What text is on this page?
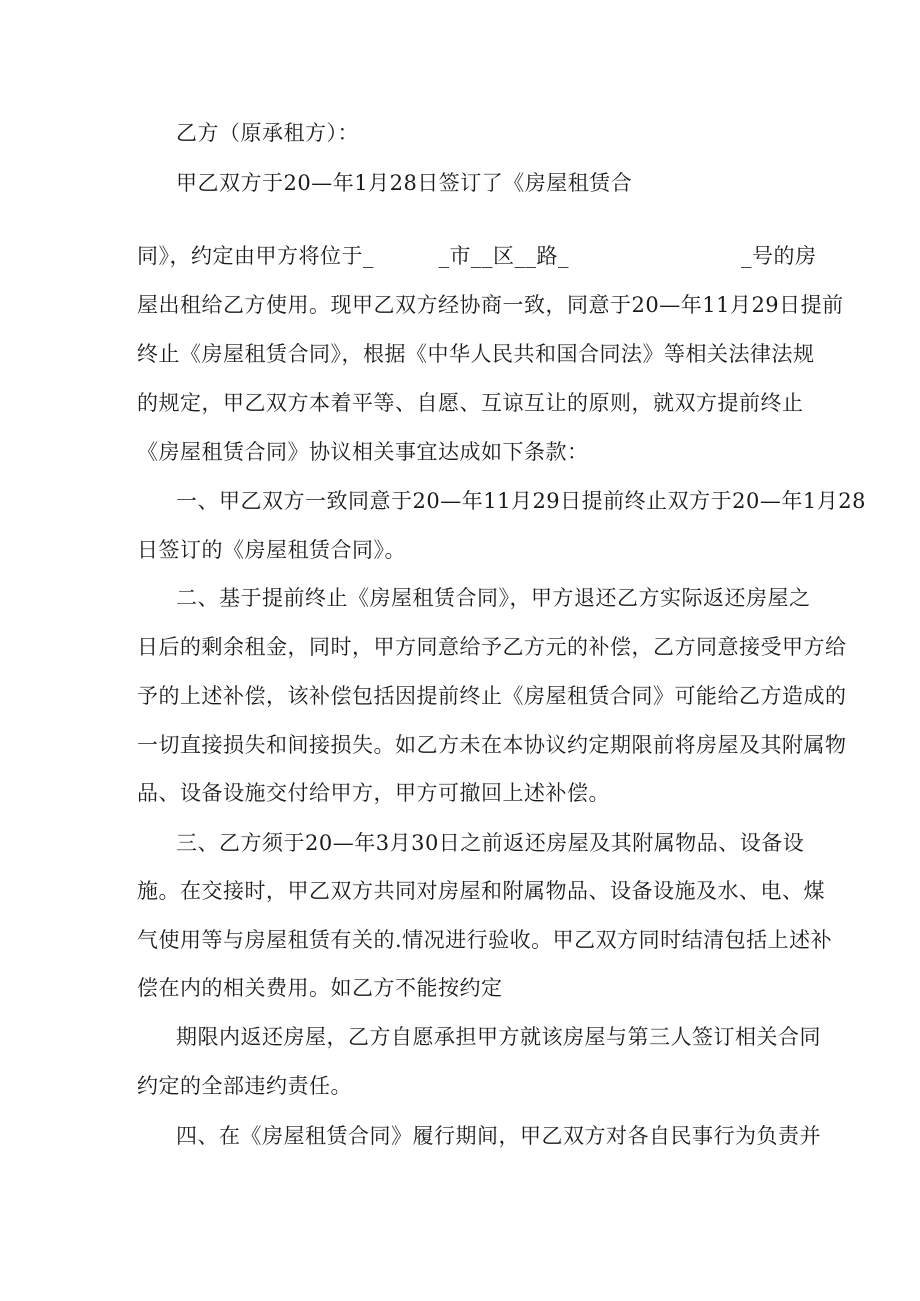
乙方（原承租方）：
甲乙双方于20—年1月28日签订了《房屋租赁合
同》，约定由甲方将位于_　　　_市__区__路_　　　　　　　　_号的房
屋出租给乙方使用。现甲乙双方经协商一致，同意于20—年11月29日提前
终止《房屋租赁合同》，根据《中华人民共和国合同法》等相关法律法规
的规定，甲乙双方本着平等、自愿、互谅互让的原则，就双方提前终止
《房屋租赁合同》协议相关事宜达成如下条款：
一、甲乙双方一致同意于20—年11月29日提前终止双方于20—年1月28
日签订的《房屋租赁合同》。
二、基于提前终止《房屋租赁合同》，甲方退还乙方实际返还房屋之
日后的剩余租金，同时，甲方同意给予乙方元的补偿，乙方同意接受甲方给
予的上述补偿，该补偿包括因提前终止《房屋租赁合同》可能给乙方造成的
一切直接损失和间接损失。如乙方未在本协议约定期限前将房屋及其附属物
品、设备设施交付给甲方，甲方可撤回上述补偿。
三、乙方须于20—年3月30日之前返还房屋及其附属物品、设备设
施。在交接时，甲乙双方共同对房屋和附属物品、设备设施及水、电、煤
气使用等与房屋租赁有关的.情况进行验收。甲乙双方同时结清包括上述补
偿在内的相关费用。如乙方不能按约定
期限内返还房屋，乙方自愿承担甲方就该房屋与第三人签订相关合同
约定的全部违约责任。
四、在《房屋租赁合同》履行期间，甲乙双方对各自民事行为负责并
